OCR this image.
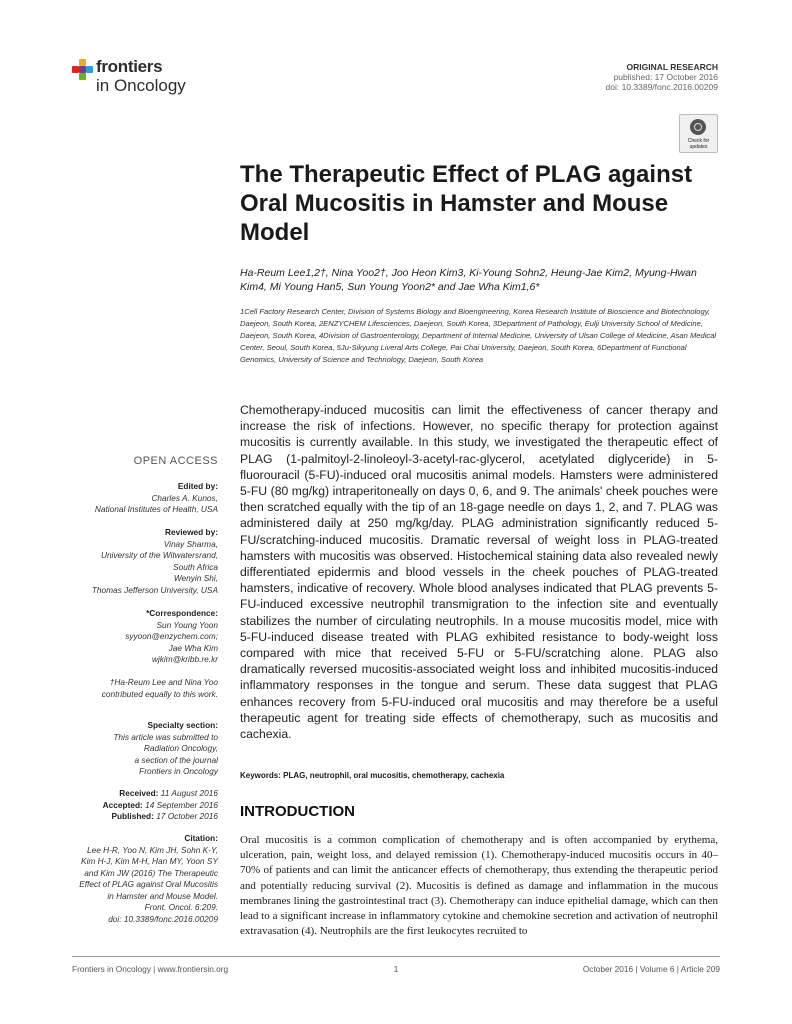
frontiers
in Oncology
ORIGINAL RESEARCH
published: 17 October 2016
doi: 10.3389/fonc.2016.00209
Check for updates
The Therapeutic Effect of PLAG against Oral Mucositis in Hamster and Mouse Model
Ha-Reum Lee1,2†, Nina Yoo2†, Joo Heon Kim3, Ki-Young Sohn2, Heung-Jae Kim2, Myung-Hwan Kim4, Mi Young Han5, Sun Young Yoon2* and Jae Wha Kim1,6*
1Cell Factory Research Center, Division of Systems Biology and Bioengineering, Korea Research Institute of Bioscience and Biotechnology, Daejeon, South Korea, 2ENZYCHEM Lifesciences, Daejeon, South Korea, 3Department of Pathology, Eulji University School of Medicine, Daejeon, South Korea, 4Division of Gastroenterology, Department of Internal Medicine, University of Ulsan College of Medicine, Asan Medical Center, Seoul, South Korea, 5Ju-Sikyung Liveral Arts College, Pai Chai University, Daejeon, South Korea, 6Department of Functional Genomics, University of Science and Technology, Daejeon, South Korea
Chemotherapy-induced mucositis can limit the effectiveness of cancer therapy and increase the risk of infections. However, no specific therapy for protection against mucositis is currently available. In this study, we investigated the therapeutic effect of PLAG (1-palmitoyl-2-linoleoyl-3-acetyl-rac-glycerol, acetylated diglyceride) in 5-fluorouracil (5-FU)-induced oral mucositis animal models. Hamsters were administered 5-FU (80 mg/kg) intraperitoneally on days 0, 6, and 9. The animals' cheek pouches were then scratched equally with the tip of an 18-gage needle on days 1, 2, and 7. PLAG was administered daily at 250 mg/kg/day. PLAG administration significantly reduced 5-FU/scratching-induced mucositis. Dramatic reversal of weight loss in PLAG-treated hamsters with mucositis was observed. Histochemical staining data also revealed newly differentiated epidermis and blood vessels in the cheek pouches of PLAG-treated hamsters, indicative of recovery. Whole blood analyses indicated that PLAG prevents 5-FU-induced excessive neutrophil transmigration to the infection site and eventually stabilizes the number of circulating neutrophils. In a mouse mucositis model, mice with 5-FU-induced disease treated with PLAG exhibited resistance to body-weight loss compared with mice that received 5-FU or 5-FU/scratching alone. PLAG also dramatically reversed mucositis-associated weight loss and inhibited mucositis-induced inflammatory responses in the tongue and serum. These data suggest that PLAG enhances recovery from 5-FU-induced oral mucositis and may therefore be a useful therapeutic agent for treating side effects of chemotherapy, such as mucositis and cachexia.
Keywords: PLAG, neutrophil, oral mucositis, chemotherapy, cachexia
INTRODUCTION
Oral mucositis is a common complication of chemotherapy and is often accompanied by erythema, ulceration, pain, weight loss, and delayed remission (1). Chemotherapy-induced mucositis occurs in 40–70% of patients and can limit the anticancer effects of chemotherapy, thus extending the therapeutic period and potentially reducing survival (2). Mucositis is defined as damage and inflammation in the mucous membranes lining the gastrointestinal tract (3). Chemotherapy can induce epithelial damage, which can then lead to a significant increase in inflammatory cytokine and chemokine secretion and activation of neutrophil extravasation (4). Neutrophils are the first leukocytes recruited to
OPEN ACCESS
Edited by:
Charles A. Kunos,
National Institutes of Health, USA
Reviewed by:
Vinay Sharma,
University of the Witwatersrand,
South Africa
Wenyin Shi,
Thomas Jefferson University, USA
*Correspondence:
Sun Young Yoon
syyoon@enzychem.com;
Jae Wha Kim
wjkim@kribb.re.kr
†Ha-Reum Lee and Nina Yoo
contributed equally to this work.
Specialty section:
This article was submitted to
Radiation Oncology,
a section of the journal
Frontiers in Oncology
Received: 11 August 2016
Accepted: 14 September 2016
Published: 17 October 2016
Citation:
Lee H-R, Yoo N, Kim JH, Sohn K-Y,
Kim H-J, Kim M-H, Han MY, Yoon SY
and Kim JW (2016) The Therapeutic
Effect of PLAG against Oral Mucositis
in Hamster and Mouse Model.
Front. Oncol. 6:209.
doi: 10.3389/fonc.2016.00209
Frontiers in Oncology | www.frontiersin.org	1	October 2016 | Volume 6 | Article 209
